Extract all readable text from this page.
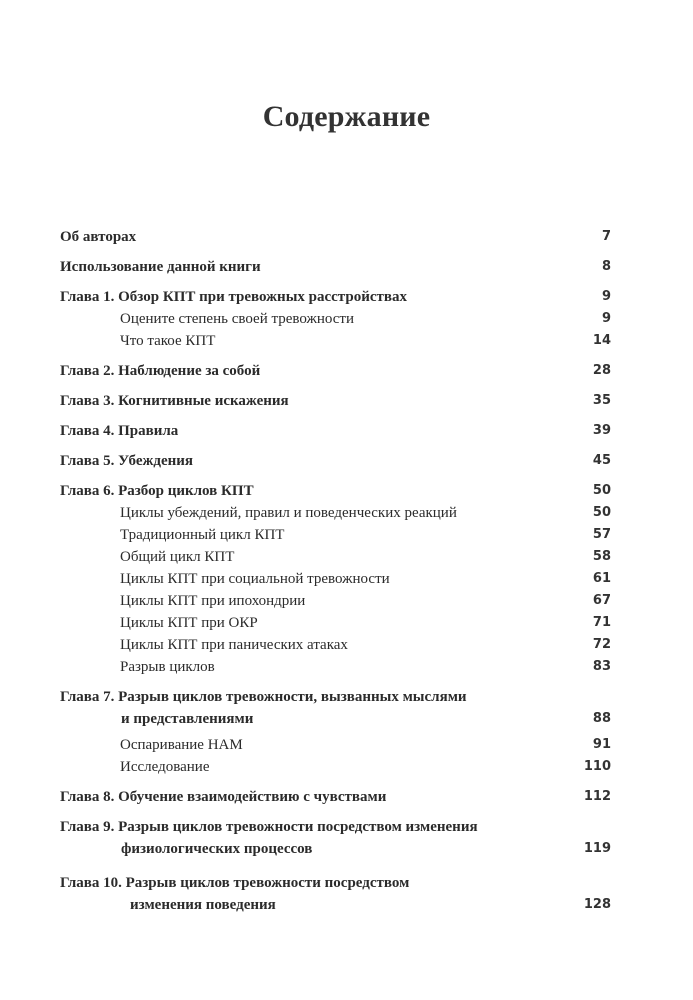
Содержание
Об авторах	7
Использование данной книги	8
Глава 1. Обзор КПТ при тревожных расстройствах	9
Оцените степень своей тревожности	9
Что такое КПТ	14
Глава 2. Наблюдение за собой	28
Глава 3. Когнитивные искажения	35
Глава 4. Правила	39
Глава 5. Убеждения	45
Глава 6. Разбор циклов КПТ	50
Циклы убеждений, правил и поведенческих реакций	50
Традиционный цикл КПТ	57
Общий цикл КПТ	58
Циклы КПТ при социальной тревожности	61
Циклы КПТ при ипохондрии	67
Циклы КПТ при ОКР	71
Циклы КПТ при панических атаках	72
Разрыв циклов	83
Глава 7. Разрыв циклов тревожности, вызванных мыслями
и представлениями	88
Оспаривание НАМ	91
Исследование	110
Глава 8. Обучение взаимодействию с чувствами	112
Глава 9. Разрыв циклов тревожности посредством изменения
физиологических процессов	119
Глава 10. Разрыв циклов тревожности посредством
изменения поведения	128
